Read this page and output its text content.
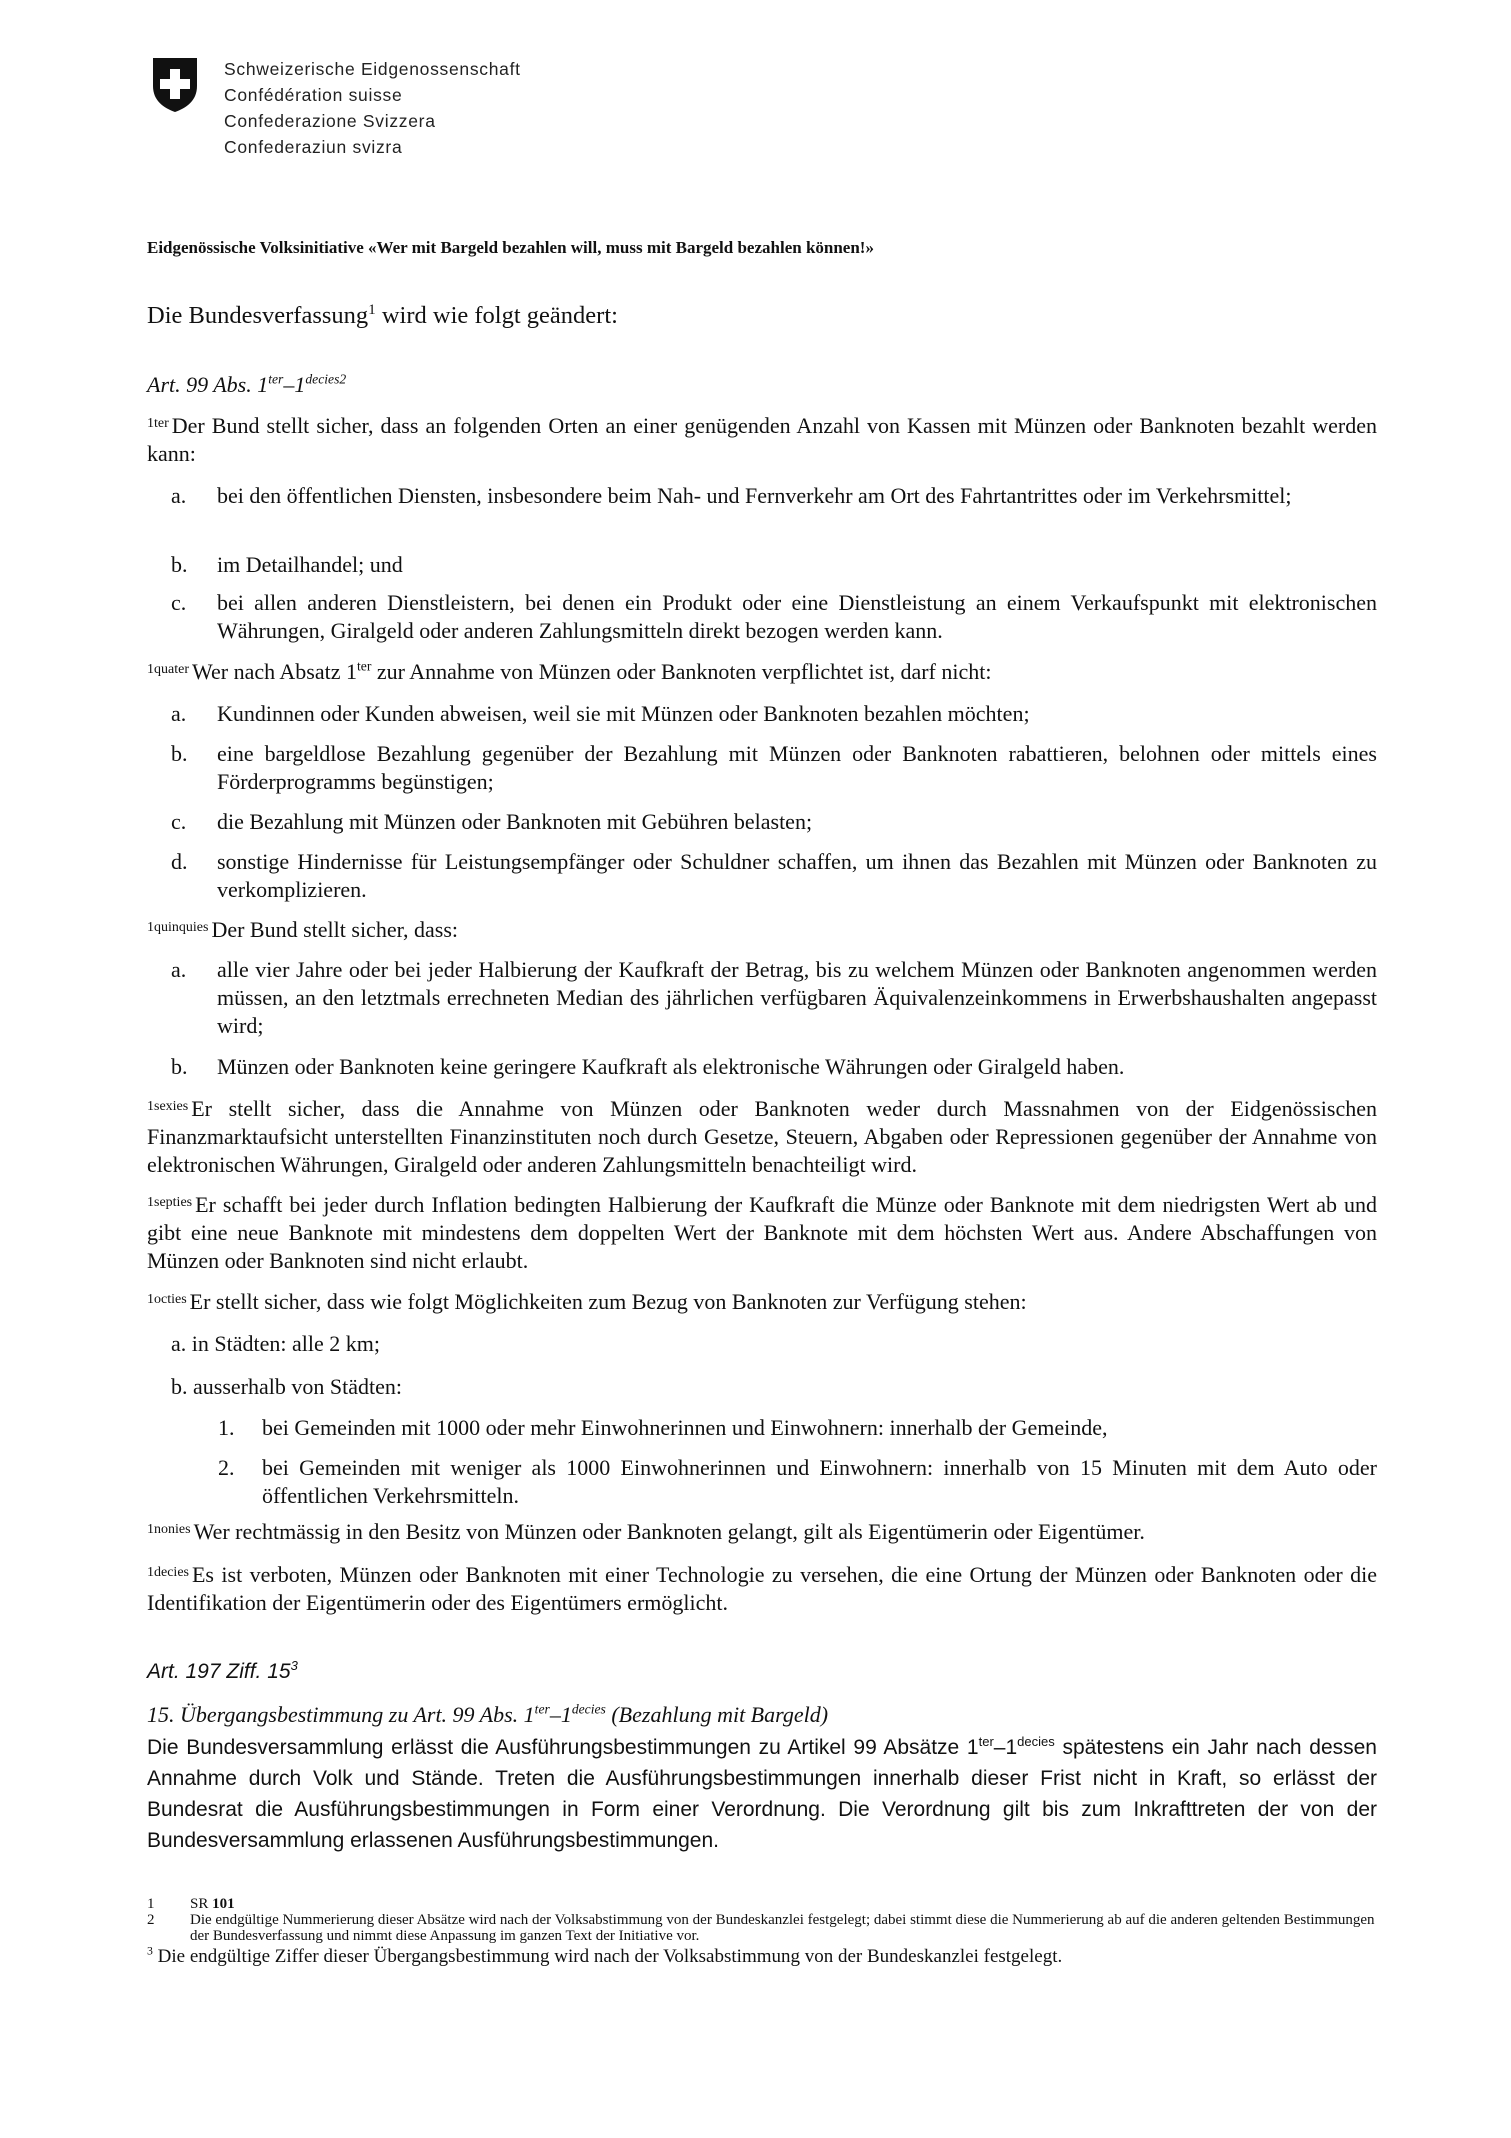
Schweizerische Eidgenossenschaft
Confédération suisse
Confederazione Svizzera
Confederaziun svizra
Eidgenössische Volksinitiative «Wer mit Bargeld bezahlen will, muss mit Bargeld bezahlen können!»
Die Bundesverfassung$^1$ wird wie folgt geändert:
Art. 99 Abs. $1^{ter}-1^{decies2}$
$^{1ter}$ Der Bund stellt sicher, dass an folgenden Orten an einer genügenden Anzahl von Kassen mit Münzen oder Banknoten bezahlt werden kann:
a.	bei den öffentlichen Diensten, insbesondere beim Nah- und Fernverkehr am Ort des Fahrtantrittes oder im Verkehrsmittel;
b.	im Detailhandel; und
c.	bei allen anderen Dienstleistern, bei denen ein Produkt oder eine Dienstleistung an einem Verkaufspunkt mit elektronischen Währungen, Giralgeld oder anderen Zahlungsmitteln direkt bezogen werden kann.
$^{1quater}$ Wer nach Absatz $1^{ter}$ zur Annahme von Münzen oder Banknoten verpflichtet ist, darf nicht:
a.	Kundinnen oder Kunden abweisen, weil sie mit Münzen oder Banknoten bezahlen möchten;
b.	eine bargeldlose Bezahlung gegenüber der Bezahlung mit Münzen oder Banknoten rabattieren, belohnen oder mittels eines Förderprogramms begünstigen;
c.	die Bezahlung mit Münzen oder Banknoten mit Gebühren belasten;
d.	sonstige Hindernisse für Leistungsempfänger oder Schuldner schaffen, um ihnen das Bezahlen mit Münzen oder Banknoten zu verkomplizieren.
$^{1quinquies}$ Der Bund stellt sicher, dass:
a.	alle vier Jahre oder bei jeder Halbierung der Kaufkraft der Betrag, bis zu welchem Münzen oder Banknoten angenommen werden müssen, an den letztmals errechneten Median des jährlichen verfügbaren Äquivalenzeinkommens in Erwerbshaushalten angepasst wird;
b.	Münzen oder Banknoten keine geringere Kaufkraft als elektronische Währungen oder Giralgeld haben.
$^{1sexies}$ Er stellt sicher, dass die Annahme von Münzen oder Banknoten weder durch Massnahmen von der Eidgenössischen Finanzmarktaufsicht unterstellten Finanzinstituten noch durch Gesetze, Steuern, Abgaben oder Repressionen gegenüber der Annahme von elektronischen Währungen, Giralgeld oder anderen Zahlungsmitteln benachteiligt wird.
$^{1septies}$ Er schafft bei jeder durch Inflation bedingten Halbierung der Kaufkraft die Münze oder Banknote mit dem niedrigsten Wert ab und gibt eine neue Banknote mit mindestens dem doppelten Wert der Banknote mit dem höchsten Wert aus. Andere Abschaffungen von Münzen oder Banknoten sind nicht erlaubt.
$^{1octies}$ Er stellt sicher, dass wie folgt Möglichkeiten zum Bezug von Banknoten zur Verfügung stehen:
a. in Städten: alle 2 km;
b. ausserhalb von Städten:
1. bei Gemeinden mit 1000 oder mehr Einwohnerinnen und Einwohnern: innerhalb der Gemeinde,
2. bei Gemeinden mit weniger als 1000 Einwohnerinnen und Einwohnern: innerhalb von 15 Minuten mit dem Auto oder öffentlichen Verkehrsmitteln.
$^{1nonies}$ Wer rechtmässig in den Besitz von Münzen oder Banknoten gelangt, gilt als Eigentümerin oder Eigentümer.
$^{1decies}$ Es ist verboten, Münzen oder Banknoten mit einer Technologie zu versehen, die eine Ortung der Münzen oder Banknoten oder die Identifikation der Eigentümerin oder des Eigentümers ermöglicht.
Art. 197 Ziff. $15^3$
15. Übergangsbestimmung zu Art. 99 Abs. $1^{ter}-1^{decies}$ (Bezahlung mit Bargeld)
Die Bundesversammlung erlässt die Ausführungsbestimmungen zu Artikel 99 Absätze $1^{ter}-1^{decies}$ spätestens ein Jahr nach dessen Annahme durch Volk und Stände. Treten die Ausführungsbestimmungen innerhalb dieser Frist nicht in Kraft, so erlässt der Bundesrat die Ausführungsbestimmungen in Form einer Verordnung. Die Verordnung gilt bis zum Inkrafttreten der von der Bundesversammlung erlassenen Ausführungsbestimmungen.
1 SR 101
2 Die endgültige Nummerierung dieser Absätze wird nach der Volksabstimmung von der Bundeskanzlei festgelegt; dabei stimmt diese die Nummerierung ab auf die anderen geltenden Bestimmungen der Bundesverfassung und nimmt diese Anpassung im ganzen Text der Initiative vor.
$^3$ Die endgültige Ziffer dieser Übergangsbestimmung wird nach der Volksabstimmung von der Bundeskanzlei festgelegt.
